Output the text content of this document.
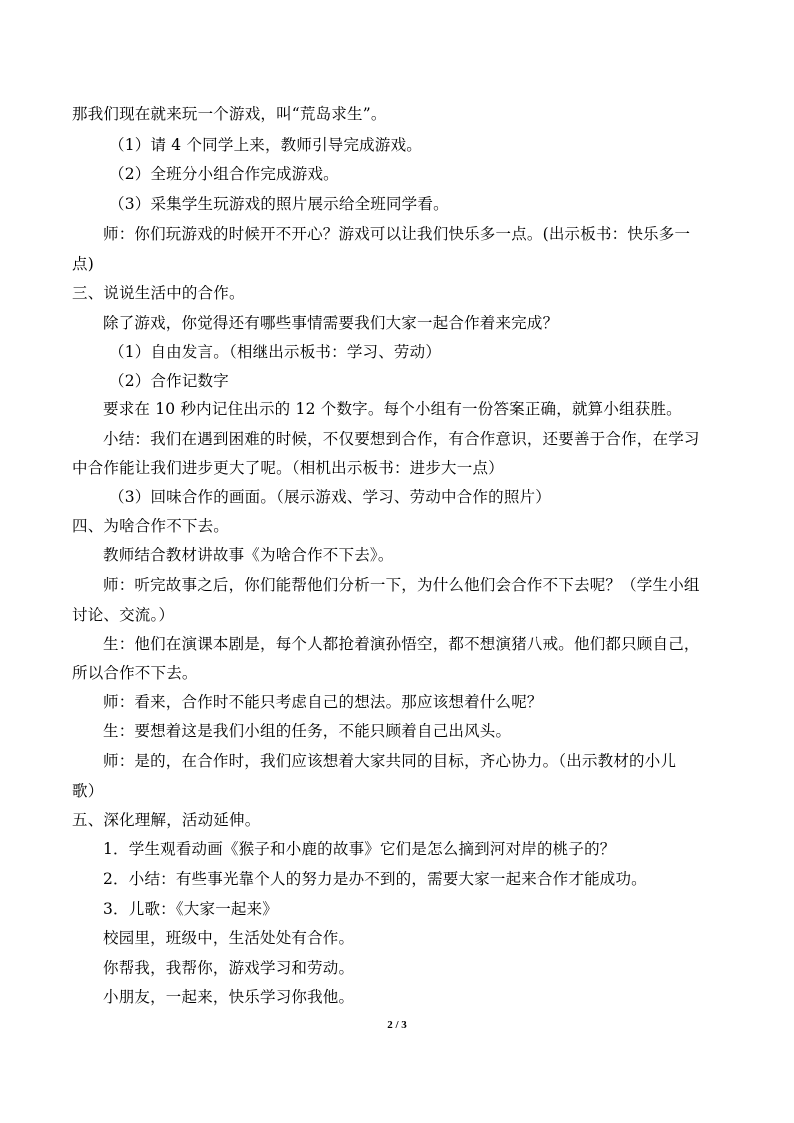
那我们现在就来玩一个游戏，叫“荒岛求生”。
（1）请 4 个同学上来，教师引导完成游戏。
（2）全班分小组合作完成游戏。
（3）采集学生玩游戏的照片展示给全班同学看。
师：你们玩游戏的时候开不开心？游戏可以让我们快乐多一点。(出示板书：快乐多一
点)
三、说说生活中的合作。
除了游戏，你觉得还有哪些事情需要我们大家一起合作着来完成？
（1）自由发言。（相继出示板书：学习、劳动）
（2）合作记数字
要求在 10 秒内记住出示的 12 个数字。每个小组有一份答案正确，就算小组获胜。
小结：我们在遇到困难的时候，不仅要想到合作，有合作意识，还要善于合作，在学习
中合作能让我们进步更大了呢。（相机出示板书：进步大一点）
（3）回味合作的画面。（展示游戏、学习、劳动中合作的照片）
四、为啥合作不下去。
教师结合教材讲故事《为啥合作不下去》。
师：听完故事之后，你们能帮他们分析一下，为什么他们会合作不下去呢？（学生小组
讨论、交流。）
生：他们在演课本剧是，每个人都抢着演孙悟空，都不想演猪八戒。他们都只顾自己，
所以合作不下去。
师：看来，合作时不能只考虑自己的想法。那应该想着什么呢？
生：要想着这是我们小组的任务，不能只顾着自己出风头。
师：是的，在合作时，我们应该想着大家共同的目标，齐心协力。（出示教材的小儿
歌）
五、深化理解，活动延伸。
1．学生观看动画《猴子和小鹿的故事》它们是怎么摘到河对岸的桃子的？
2．小结：有些事光靠个人的努力是办不到的，需要大家一起来合作才能成功。
3．儿歌：《大家一起来》
校园里，班级中，生活处处有合作。
你帮我，我帮你，游戏学习和劳动。
小朋友，一起来，快乐学习你我他。
2 / 3
